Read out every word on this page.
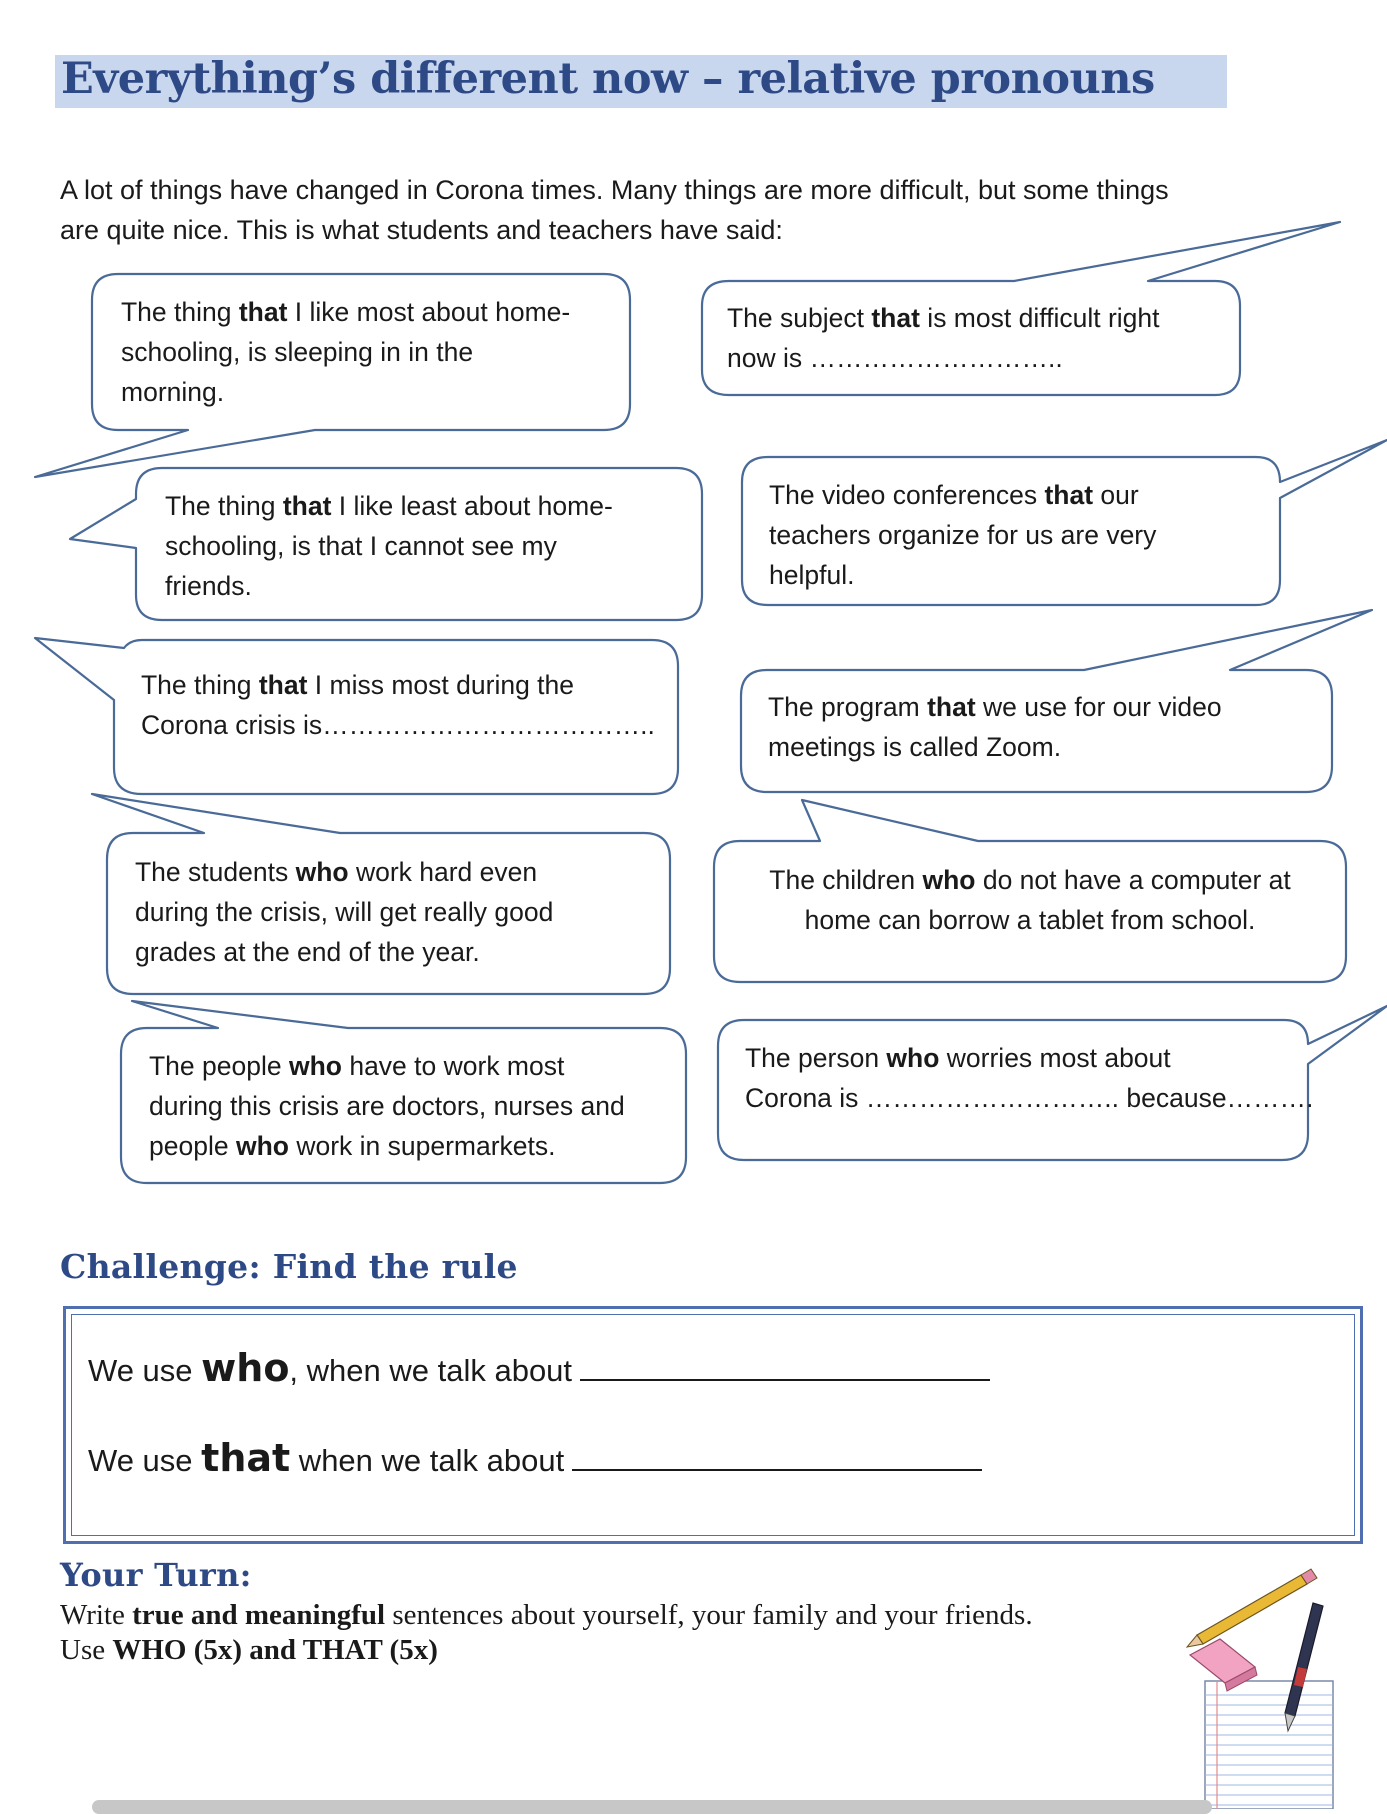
Everything’s different now – relative pronouns

A lot of things have changed in Corona times. Many things are more difficult, but some things are quite nice. This is what students and teachers have said:

The thing that I like most about home-
schooling, is sleeping in in the
morning.

The subject that is most difficult right
now is ………………………..

The thing that I like least about home-
schooling, is that I cannot see my
friends.

The video conferences that our
teachers organize for us are very
helpful.

The thing that I miss most during the
Corona crisis is………………………………..

The program that we use for our video
meetings is called Zoom.

The students who work hard even
during the crisis, will get really good
grades at the end of the year.

The children who do not have a computer at
home can borrow a tablet from school.

The people who have to work most
during this crisis are doctors, nurses and
people who work in supermarkets.

The person who worries most about
Corona is ……………………….. because……….

Challenge: Find the rule
We use who, when we talk about
We use that when we talk about
Your Turn:

Write true and meaningful sentences about yourself, your family and your friends.
Use WHO (5x) and THAT (5x)
